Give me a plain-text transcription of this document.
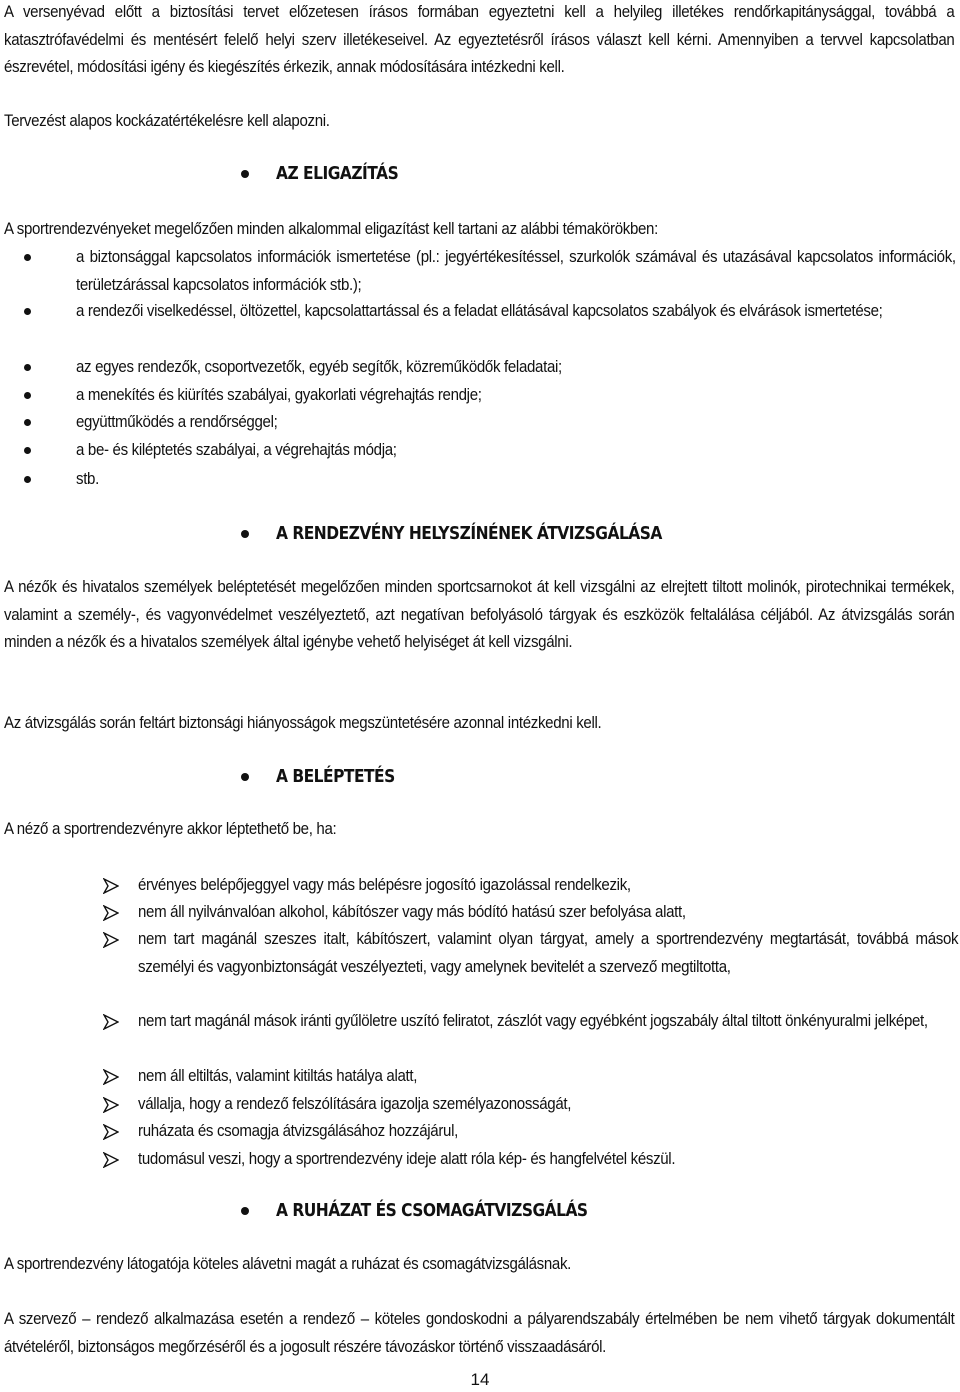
A versenyévad előtt a biztosítási tervet előzetesen írásos formában egyeztetni kell a helyileg illetékes rendőrkapitánysággal, továbbá a katasztrófavédelmi és mentésért felelő helyi szerv illetékeseivel. Az egyeztetésről írásos választ kell kérni. Amennyiben a tervvel kapcsolatban észrevétel, módosítási igény és kiegészítés érkezik, annak módosítására intézkedni kell.

Tervezést alapos kockázatértékelésre kell alapozni.

AZ ELIGAZÍTÁS

A sportrendezvényeket megelőzően minden alkalommal eligazítást kell tartani az alábbi témakörökben:

a biztonsággal kapcsolatos információk ismertetése (pl.: jegyértékesítéssel, szurkolók számával és utazásával kapcsolatos információk, területzárással kapcsolatos információk stb.);
a rendezői viselkedéssel, öltözettel, kapcsolattartással és a feladat ellátásával kapcsolatos szabályok és elvárások ismertetése;
az egyes rendezők, csoportvezetők, egyéb segítők, közreműködők feladatai;
a menekítés és kiürítés szabályai, gyakorlati végrehajtás rendje;
együttműködés a rendőrséggel;
a be- és kiléptetés szabályai, a végrehajtás módja;
stb.
A RENDEZVÉNY HELYSZÍNÉNEK ÁTVIZSGÁLÁSA

A nézők és hivatalos személyek beléptetését megelőzően minden sportcsarnokot át kell vizsgálni az elrejtett tiltott molinók, pirotechnikai termékek, valamint a személy-, és vagyonvédelmet veszélyeztető, azt negatívan befolyásoló tárgyak és eszközök feltalálása céljából. Az átvizsgálás során minden a nézők és a hivatalos személyek által igénybe vehető helyiséget át kell vizsgálni.

Az átvizsgálás során feltárt biztonsági hiányosságok megszüntetésére azonnal intézkedni kell.

A BELÉPTETÉS

A néző a sportrendezvényre akkor léptethető be, ha:

érvényes belépőjeggyel vagy más belépésre jogosító igazolással rendelkezik,
nem áll nyilvánvalóan alkohol, kábítószer vagy más bódító hatású szer befolyása alatt,
nem tart magánál szeszes italt, kábítószert, valamint olyan tárgyat, amely a sportrendezvény megtartását, továbbá mások személyi és vagyonbiztonságát veszélyezteti, vagy amelynek bevitelét a szervező megtiltotta,
nem tart magánál mások iránti gyűlöletre uszító feliratot, zászlót vagy egyébként jogszabály által tiltott önkényuralmi jelképet,
nem áll eltiltás, valamint kitiltás hatálya alatt,
vállalja, hogy a rendező felszólítására igazolja személyazonosságát,
ruházata és csomagja átvizsgálásához hozzájárul,
tudomásul veszi, hogy a sportrendezvény ideje alatt róla kép- és hangfelvétel készül.
A RUHÁZAT ÉS CSOMAGÁTVIZSGÁLÁS

A sportrendezvény látogatója köteles alávetni magát a ruházat és csomagátvizsgálásnak.

A szervező – rendező alkalmazása esetén a rendező – köteles gondoskodni a pályarendszabály értelmében be nem vihető tárgyak dokumentált átvételéről, biztonságos megőrzéséről és a jogosult részére távozáskor történő visszaadásáról.

14
